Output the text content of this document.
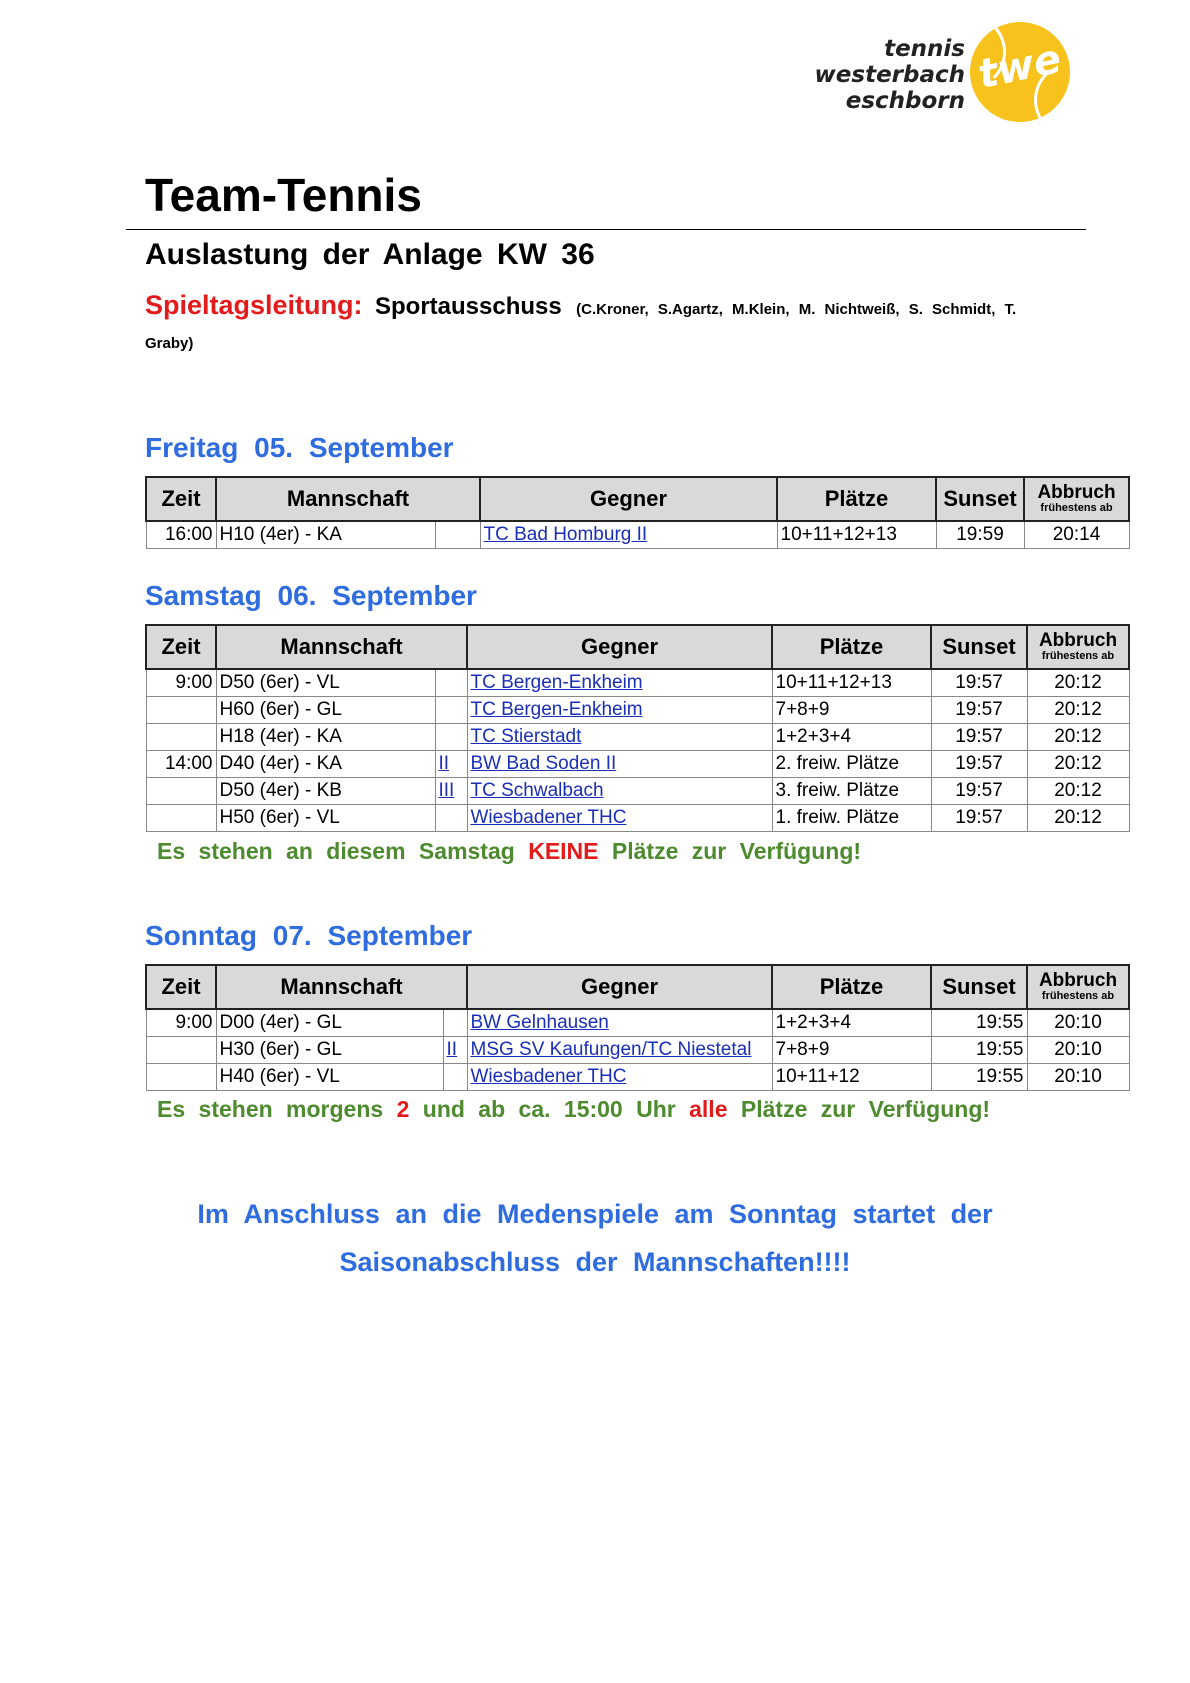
tennis
westerbach
eschborn
twe
Team-Tennis
Auslastung der Anlage KW 36
Spieltagsleitung: Sportausschuss (C.Kroner, S.Agartz, M.Klein, M. Nichtweiß, S. Schmidt, T. Graby)
Freitag 05. September
Zeit	Mannschaft		Gegner	Plätze	Sunset	Abbruch
frühestens ab

16:00	H10 (4er) - KA		TC Bad Homburg II	10+11+12+13	19:59	20:14
Samstag 06. September
Zeit	Mannschaft		Gegner	Plätze	Sunset	Abbruch
frühestens ab

9:00	D50 (6er) - VL		TC Bergen-Enkheim	10+11+12+13	19:57	20:12
	H60 (6er) - GL		TC Bergen-Enkheim	7+8+9	19:57	20:12
	H18 (4er) - KA		TC Stierstadt	1+2+3+4	19:57	20:12
14:00	D40 (4er) - KA	II	BW Bad Soden II	2. freiw. Plätze	19:57	20:12
	D50 (4er) - KB	III	TC Schwalbach	3. freiw. Plätze	19:57	20:12
	H50 (6er) - VL		Wiesbadener THC	1. freiw. Plätze	19:57	20:12
Es stehen an diesem Samstag KEINE Plätze zur Verfügung!
Sonntag 07. September
Zeit	Mannschaft		Gegner	Plätze	Sunset	Abbruch
frühestens ab

9:00	D00 (4er) - GL		BW Gelnhausen	1+2+3+4	19:55	20:10
	H30 (6er) - GL	II	MSG SV Kaufungen/TC Niestetal	7+8+9	19:55	20:10
	H40 (6er) - VL		Wiesbadener THC	10+11+12	19:55	20:10
Es stehen morgens 2 und ab ca. 15:00 Uhr alle Plätze zur Verfügung!
Im Anschluss an die Medenspiele am Sonntag startet der
Saisonabschluss der Mannschaften!!!!
